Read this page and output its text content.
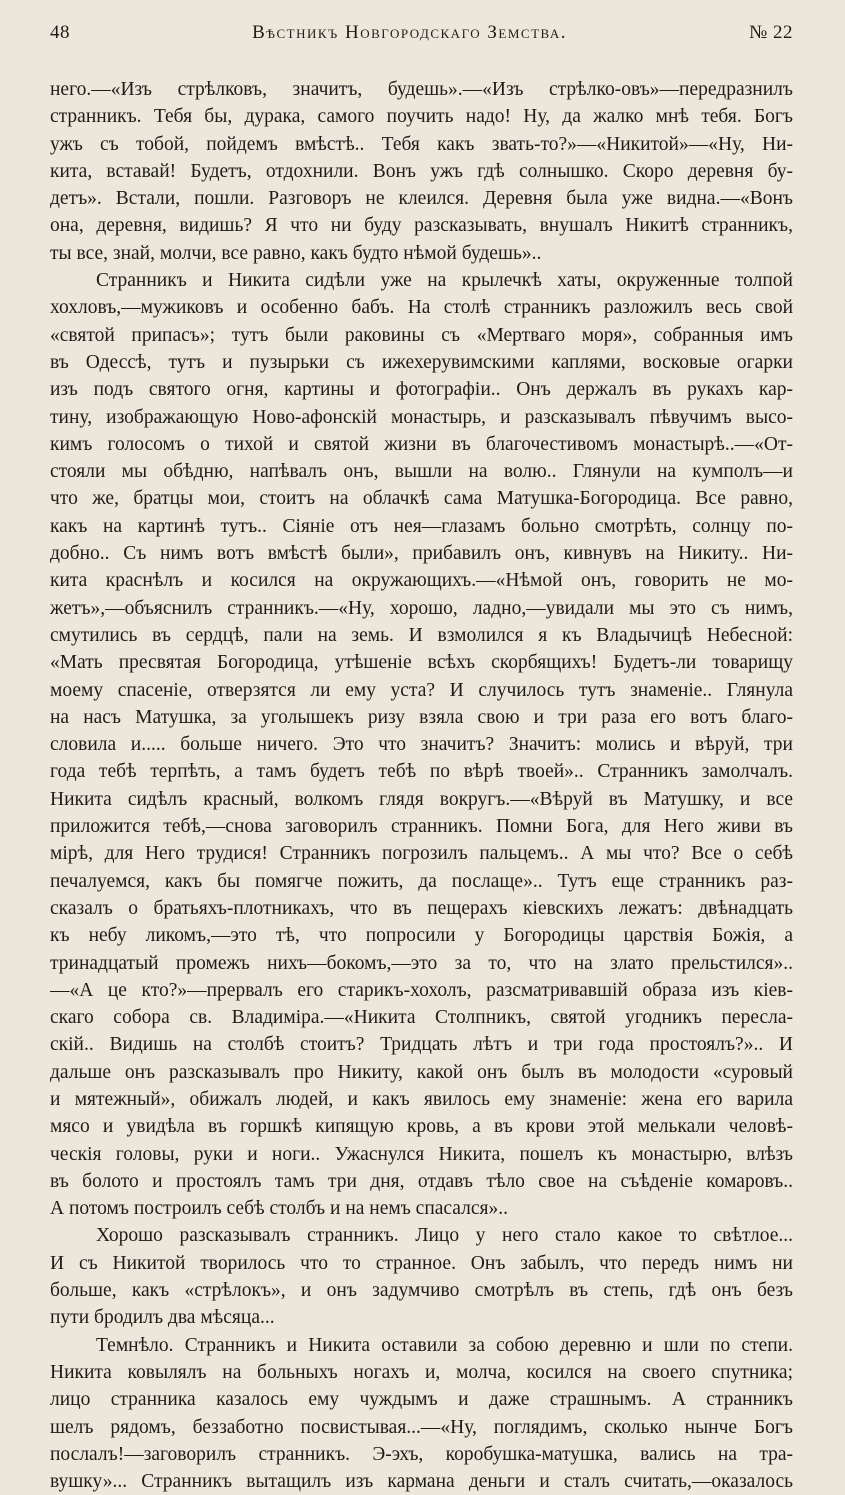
48	Вѣстникъ Новгородскаго Земства.	№ 22
него.—«Изъ стрѣлковъ, значитъ, будешь».—«Изъ стрѣлко-овъ»—передразнилъ
странникъ. Тебя бы, дурака, самого поучить надо! Ну, да жалко мнѣ тебя. Богъ
ужъ съ тобой, пойдемъ вмѣстѣ.. Тебя какъ звать-то?»—«Никитой»—«Ну, Ни-
кита, вставай! Будетъ, отдохнили. Вонъ ужъ гдѣ солнышко. Скоро деревня бу-
детъ». Встали, пошли. Разговоръ не клеился. Деревня была уже видна.—«Вонъ
она, деревня, видишь? Я что ни буду разсказывать, внушалъ Никитѣ странникъ,
ты все, знай, молчи, все равно, какъ будто нѣмой будешь»..
Странникъ и Никита сидѣли уже на крылечкѣ хаты, окруженные толпой
хохловъ,—мужиковъ и особенно бабъ. На столѣ странникъ разложилъ весь свой
«святой припасъ»; тутъ были раковины съ «Мертваго моря», собранныя имъ
въ Одессѣ, тутъ и пузырьки съ ижехерувимскими каплями, восковые огарки
изъ подъ святого огня, картины и фотографіи.. Онъ держалъ въ рукахъ кар-
тину, изображающую Ново-афонскій монастырь, и разсказывалъ пѣвучимъ высо-
кимъ голосомъ о тихой и святой жизни въ благочестивомъ монастырѣ..—«От-
стояли мы обѣдню, напѣвалъ онъ, вышли на волю.. Глянули на кумполъ—и
что же, братцы мои, стоитъ на облачкѣ сама Матушка-Богородица. Все равно,
какъ на картинѣ тутъ.. Сіяніе отъ нея—глазамъ больно смотрѣть, солнцу по-
добно.. Съ нимъ вотъ вмѣстѣ были», прибавилъ онъ, кивнувъ на Никиту.. Ни-
кита краснѣлъ и косился на окружающихъ.—«Нѣмой онъ, говорить не мо-
жетъ»,—объяснилъ странникъ.—«Ну, хорошо, ладно,—увидали мы это съ нимъ,
смутились въ сердцѣ, пали на земь. И взмолился я къ Владычицѣ Небесной:
«Мать пресвятая Богородица, утѣшеніе всѣхъ скорбящихъ! Будетъ-ли товарищу
моему спасеніе, отверзятся ли ему уста? И случилось тутъ знаменіе.. Глянула
на насъ Матушка, за уголышекъ ризу взяла свою и три раза его вотъ благо-
словила и..... больше ничего. Это что значитъ? Значитъ: молись и вѣруй, три
года тебѣ терпѣть, а тамъ будетъ тебѣ по вѣрѣ твоей».. Странникъ замолчалъ.
Никита сидѣлъ красный, волкомъ глядя вокругъ.—«Вѣруй въ Матушку, и все
приложится тебѣ,—снова заговорилъ странникъ. Помни Бога, для Него живи въ
мірѣ, для Него трудися! Странникъ погрозилъ пальцемъ.. А мы что? Все о себѣ
печалуемся, какъ бы помягче пожить, да послаще».. Тутъ еще странникъ раз-
сказалъ о братьяхъ-плотникахъ, что въ пещерахъ кіевскихъ лежатъ: двѣнадцать
къ небу ликомъ,—это тѣ, что попросили у Богородицы царствія Божія, а
тринадцатый промежъ нихъ—бокомъ,—это за то, что на злато прельстился»..
—«А це кто?»—прервалъ его старикъ-хохолъ, разсматривавшій образа изъ кіев-
скаго собора св. Владиміра.—«Никита Столпникъ, святой угодникъ пересла-
скій.. Видишь на столбѣ стоитъ? Тридцать лѣтъ и три года простоялъ?».. И
дальше онъ разсказывалъ про Никиту, какой онъ былъ въ молодости «суровый
и мятежный», обижалъ людей, и какъ явилось ему знаменіе: жена его варила
мясо и увидѣла въ горшкѣ кипящую кровь, а въ крови этой мелькали человѣ-
ческія головы, руки и ноги.. Ужаснулся Никита, пошелъ къ монастырю, влѣзъ
въ болото и простоялъ тамъ три дня, отдавъ тѣло свое на съѣденіе комаровъ..
А потомъ построилъ себѣ столбъ и на немъ спасался»..
Хорошо разсказывалъ странникъ. Лицо у него стало какое то свѣтлое...
И съ Никитой творилось что то странное. Онъ забылъ, что передъ нимъ ни
больше, какъ «стрѣлокъ», и онъ задумчиво смотрѣлъ въ степь, гдѣ онъ безъ
пути бродилъ два мѣсяца...
Темнѣло. Странникъ и Никита оставили за собою деревню и шли по степи.
Никита ковылялъ на больныхъ ногахъ и, молча, косился на своего спутника;
лицо странника казалось ему чуждымъ и даже страшнымъ. А странникъ
шелъ рядомъ, беззаботно посвистывая...—«Ну, поглядимъ, сколько нынче Богъ
послалъ!—заговорилъ странникъ. Э-эхъ, коробушка-матушка, вались на тра-
вушку»... Странникъ вытащилъ изъ кармана деньги и сталъ считать,—оказалось
